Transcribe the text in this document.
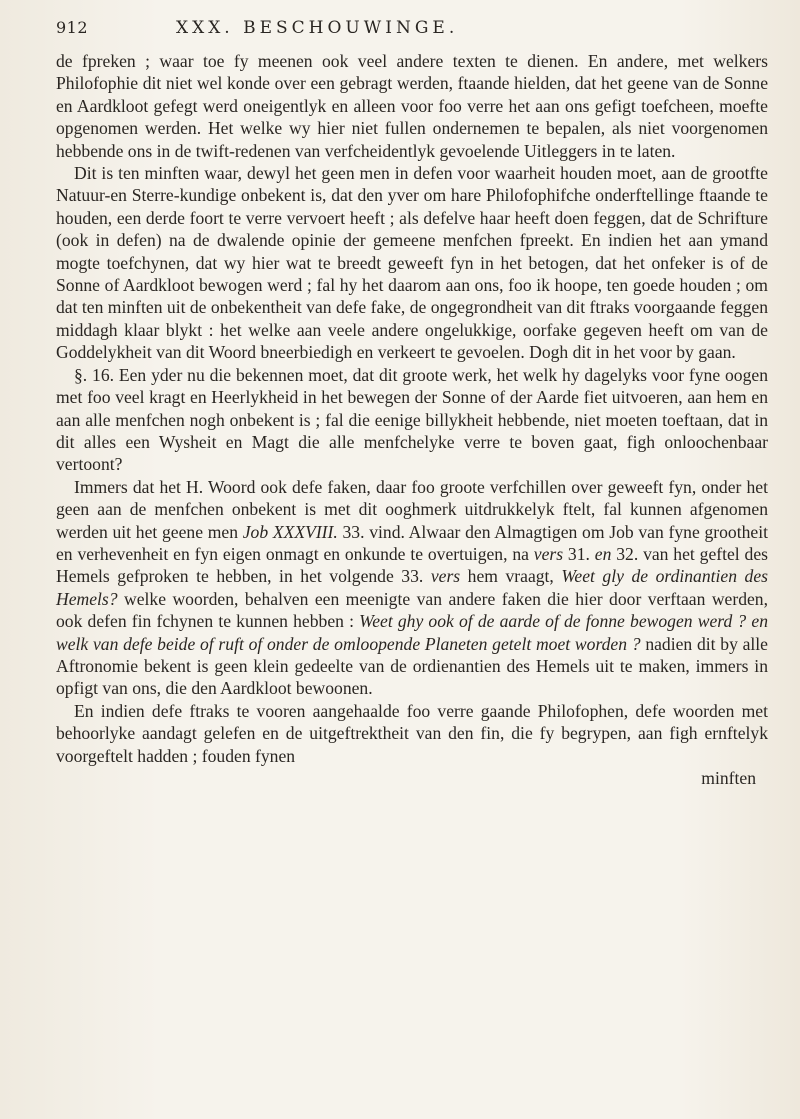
912	XXX. BESCHOUWINGE.

de fpreken ; waar toe fy meenen ook veel andere texten te dienen. En andere, met welkers Philofophie dit niet wel konde over een gebragt werden, ftaande hielden, dat het geene van de Sonne en Aardkloot gefegt werd oneigentlyk en alleen voor foo verre het aan ons gefigt toefcheen, moefte opgenomen werden. Het welke wy hier niet fullen ondernemen te bepalen, als niet voorgenomen hebbende ons in de twift-redenen van verfcheidentlyk gevoelende Uitleggers in te laten.

Dit is ten minften waar, dewyl het geen men in defen voor waarheit houden moet, aan de grootfte Natuur-en Sterre-kundige onbekent is, dat den yver om hare Philofophifche onderftellinge ftaande te houden, een derde foort te verre vervoert heeft ; als defelve haar heeft doen feggen, dat de Schrifture (ook in defen) na de dwalende opinie der gemeene menfchen fpreekt. En indien het aan ymand mogte toefchynen, dat wy hier wat te breedt geweeft fyn in het betogen, dat het onfeker is of de Sonne of Aardkloot bewogen werd ; fal hy het daarom aan ons, foo ik hoope, ten goede houden ; om dat ten minften uit de onbekentheit van defe fake, de ongegrondheit van dit ftraks voorgaande feggen middagh klaar blykt : het welke aan veele andere ongelukkige, oorfake gegeven heeft om van de Goddelykheit van dit Woord bneerbiedigh en verkeert te gevoelen. Dogh dit in het voor by gaan.

§. 16. Een yder nu die bekennen moet, dat dit groote werk, het welk hy dagelyks voor fyne oogen met foo veel kragt en Heerlykheid in het bewegen der Sonne of der Aarde fiet uitvoeren, aan hem en aan alle menfchen nogh onbekent is ; fal die eenige billykheit hebbende, niet moeten toeftaan, dat in dit alles een Wysheit en Magt die alle menfchelyke verre te boven gaat, figh onloochenbaar vertoont?

Immers dat het H. Woord ook defe faken, daar foo groote verfchillen over geweeft fyn, onder het geen aan de menfchen onbekent is met dit ooghmerk uitdrukkelyk ftelt, fal kunnen afgenomen werden uit het geene men Job XXXVIII. 33. vind. Alwaar den Almagtigen om Job van fyne grootheit en verhevenheit en fyn eigen onmagt en onkunde te overtuigen, na vers 31. en 32. van het geftel des Hemels gefproken te hebben, in het volgende 33. vers hem vraagt, Weet gly de ordinantien des Hemels? welke woorden, behalven een meenigte van andere faken die hier door verftaan werden, ook defen fin fchynen te kunnen hebben : Weet ghy ook of de aarde of de fonne bewogen werd ? en welk van defe beide of ruft of onder de omloopende Planeten getelt moet worden ? nadien dit by alle Aftronomie bekent is geen klein gedeelte van de ordienantien des Hemels uit te maken, immers in opfigt van ons, die den Aardkloot bewoonen.

En indien defe ftraks te vooren aangehaalde foo verre gaande Philofophen, defe woorden met behoorlyke aandagt gelefen en de uitgeftrektheit van den fin, die fy begrypen, aan figh ernftelyk voorgeftelt hadden ; fouden fynen

minften
